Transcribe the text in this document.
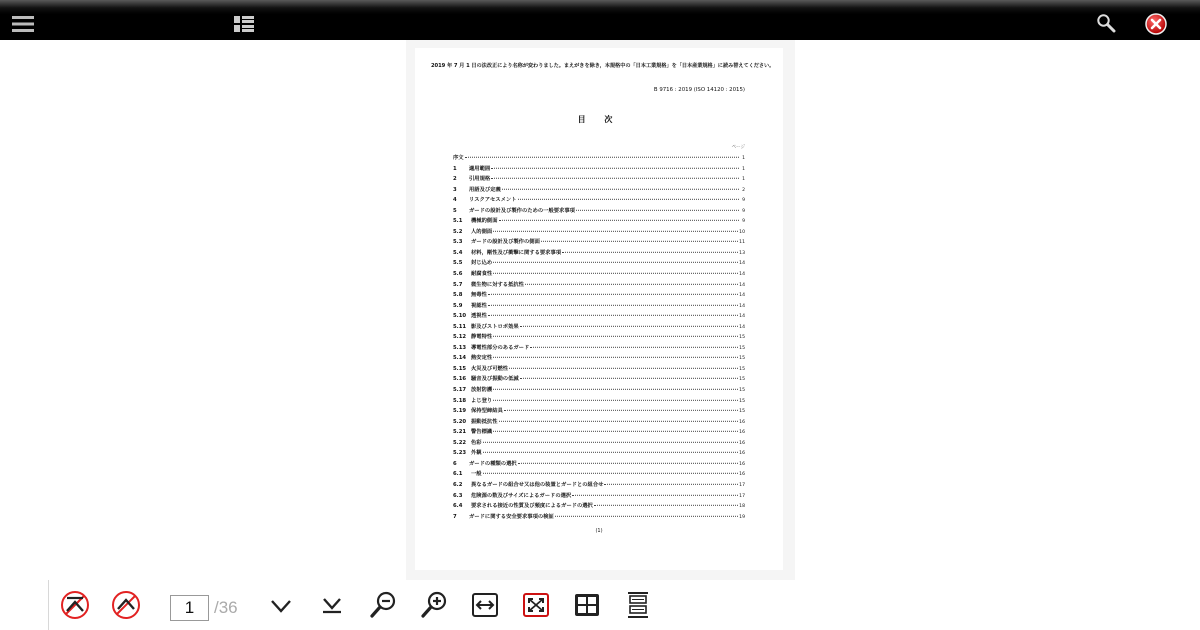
2019 年 7 月 1 日の法改正により名称が変わりました。まえがきを除き，本規格中の「日本工業規格」を「日本産業規格」に読み替えてください。
B 9716 : 2019 (ISO 14120 : 2015)
目 次
ページ
序文	1
1	適用範囲	1
2	引用規格	1
3	用語及び定義	2
4	リスクアセスメント	9
5	ガードの設計及び製作のための一般要求事項	9
5.1	機械的側面	9
5.2	人的側面	10
5.3	ガードの設計及び製作の側面	11
5.4	材料，剛性及び衝撃に関する要求事項	13
5.5	封じ込め	14
5.6	耐腐食性	14
5.7	微生物に対する抵抗性	14
5.8	無毒性	14
5.9	視認性	14
5.10 透視性	14
5.11 影及びストロボ効果	14
5.12 静電特性	15
5.13 導電性部分のあるガード	15
5.14 熱安定性	15
5.15 火災及び可燃性	15
5.16 騒音及び振動の低減	15
5.17 放射防護	15
5.18 よじ登り	15
5.19 保持型締結具	15
5.20 振動抵抗性	16
5.21 警告標識	16
5.22 色彩	16
5.23 外観	16
6	ガードの種類の選択	16
6.1	一般	16
6.2	異なるガードの組合せ又は他の装置とガードとの組合せ	17
6.3	危険源の数及びサイズによるガードの選択	17
6.4	要求される接近の性質及び頻度によるガードの選択	18
7	ガードに関する安全要求事項の検証	19
(1)
1
/36
